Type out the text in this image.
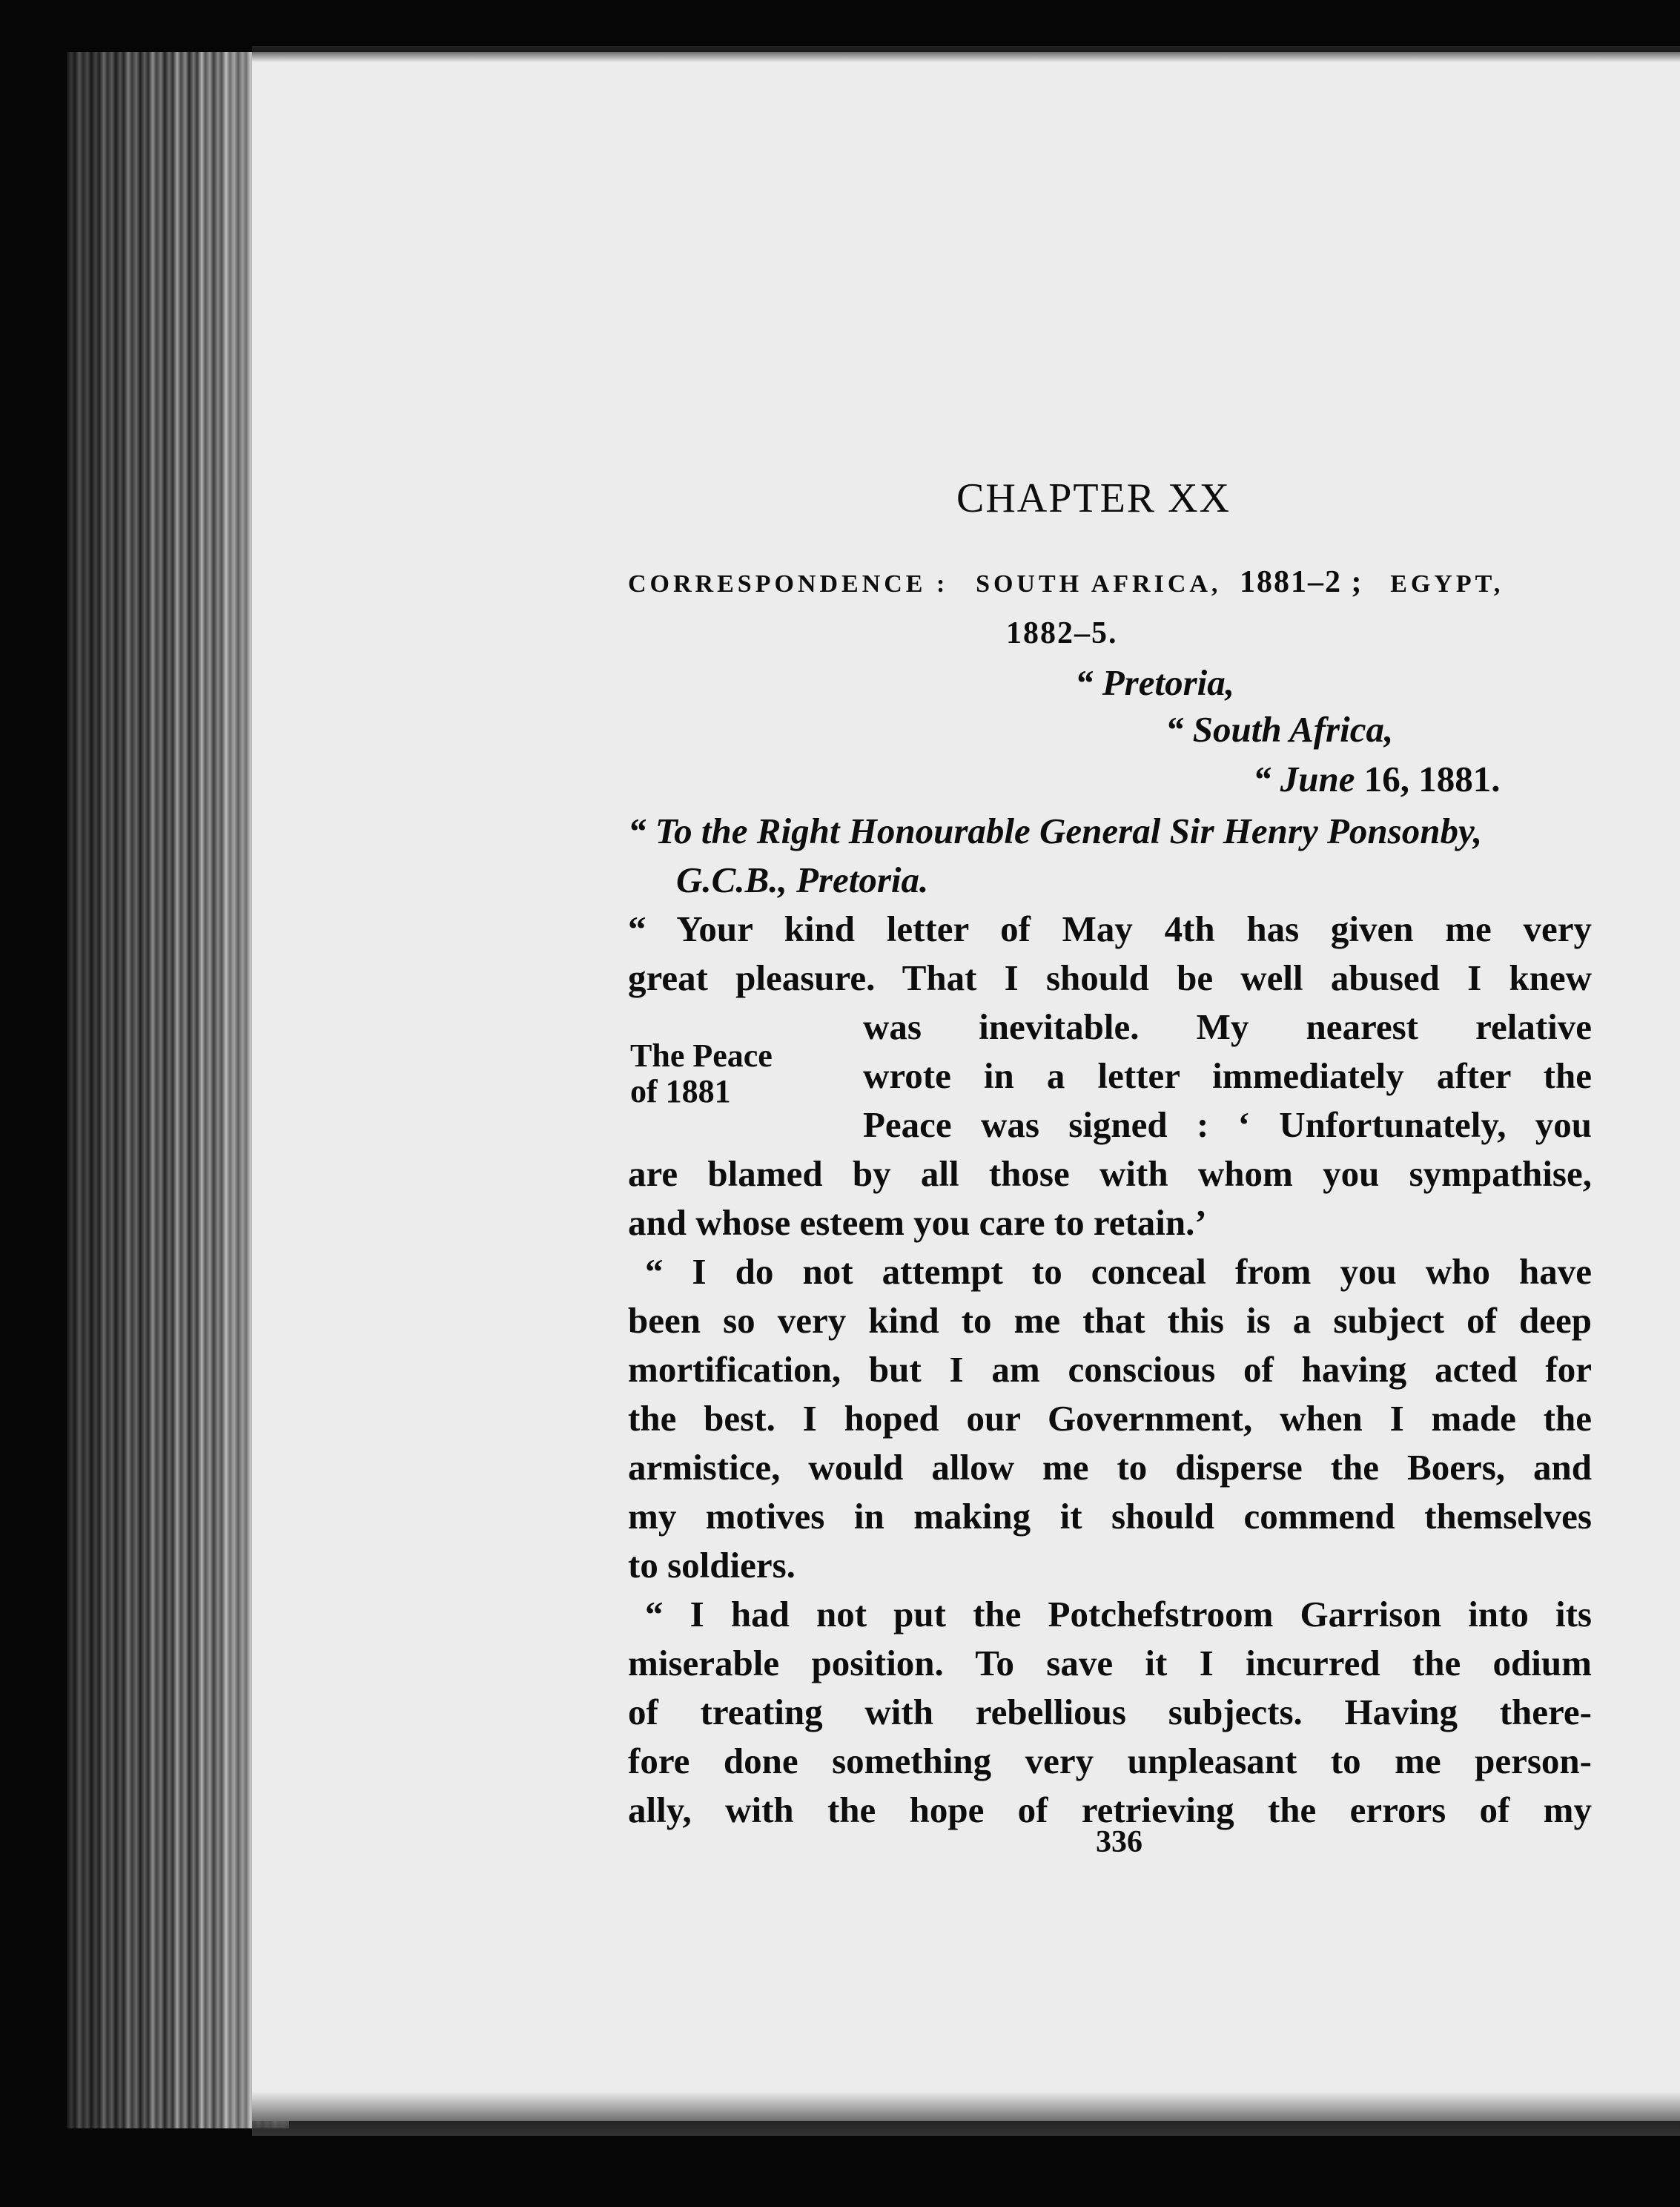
CHAPTER XX
CORRESPONDENCE : SOUTH AFRICA, 1881–2 ; EGYPT,
1882–5.
“ Pretoria,
“ South Africa,
“ June 16, 1881.
“ To the Right Honourable General Sir Henry Ponsonby,
G.C.B., Pretoria.
“ Your kind letter of May 4th has given me very
great pleasure. That I should be well abused I knew
was inevitable. My nearest relative
wrote in a letter immediately after the
Peace was signed : ‘ Unfortunately, you
The Peace
of 1881
are blamed by all those with whom you sympathise,
and whose esteem you care to retain.’
“ I do not attempt to conceal from you who have
been so very kind to me that this is a subject of deep
mortification, but I am conscious of having acted for
the best. I hoped our Government, when I made the
armistice, would allow me to disperse the Boers, and
my motives in making it should commend themselves
to soldiers.
“ I had not put the Potchefstroom Garrison into its
miserable position. To save it I incurred the odium
of treating with rebellious subjects. Having there-
fore done something very unpleasant to me person-
ally, with the hope of retrieving the errors of my
336
